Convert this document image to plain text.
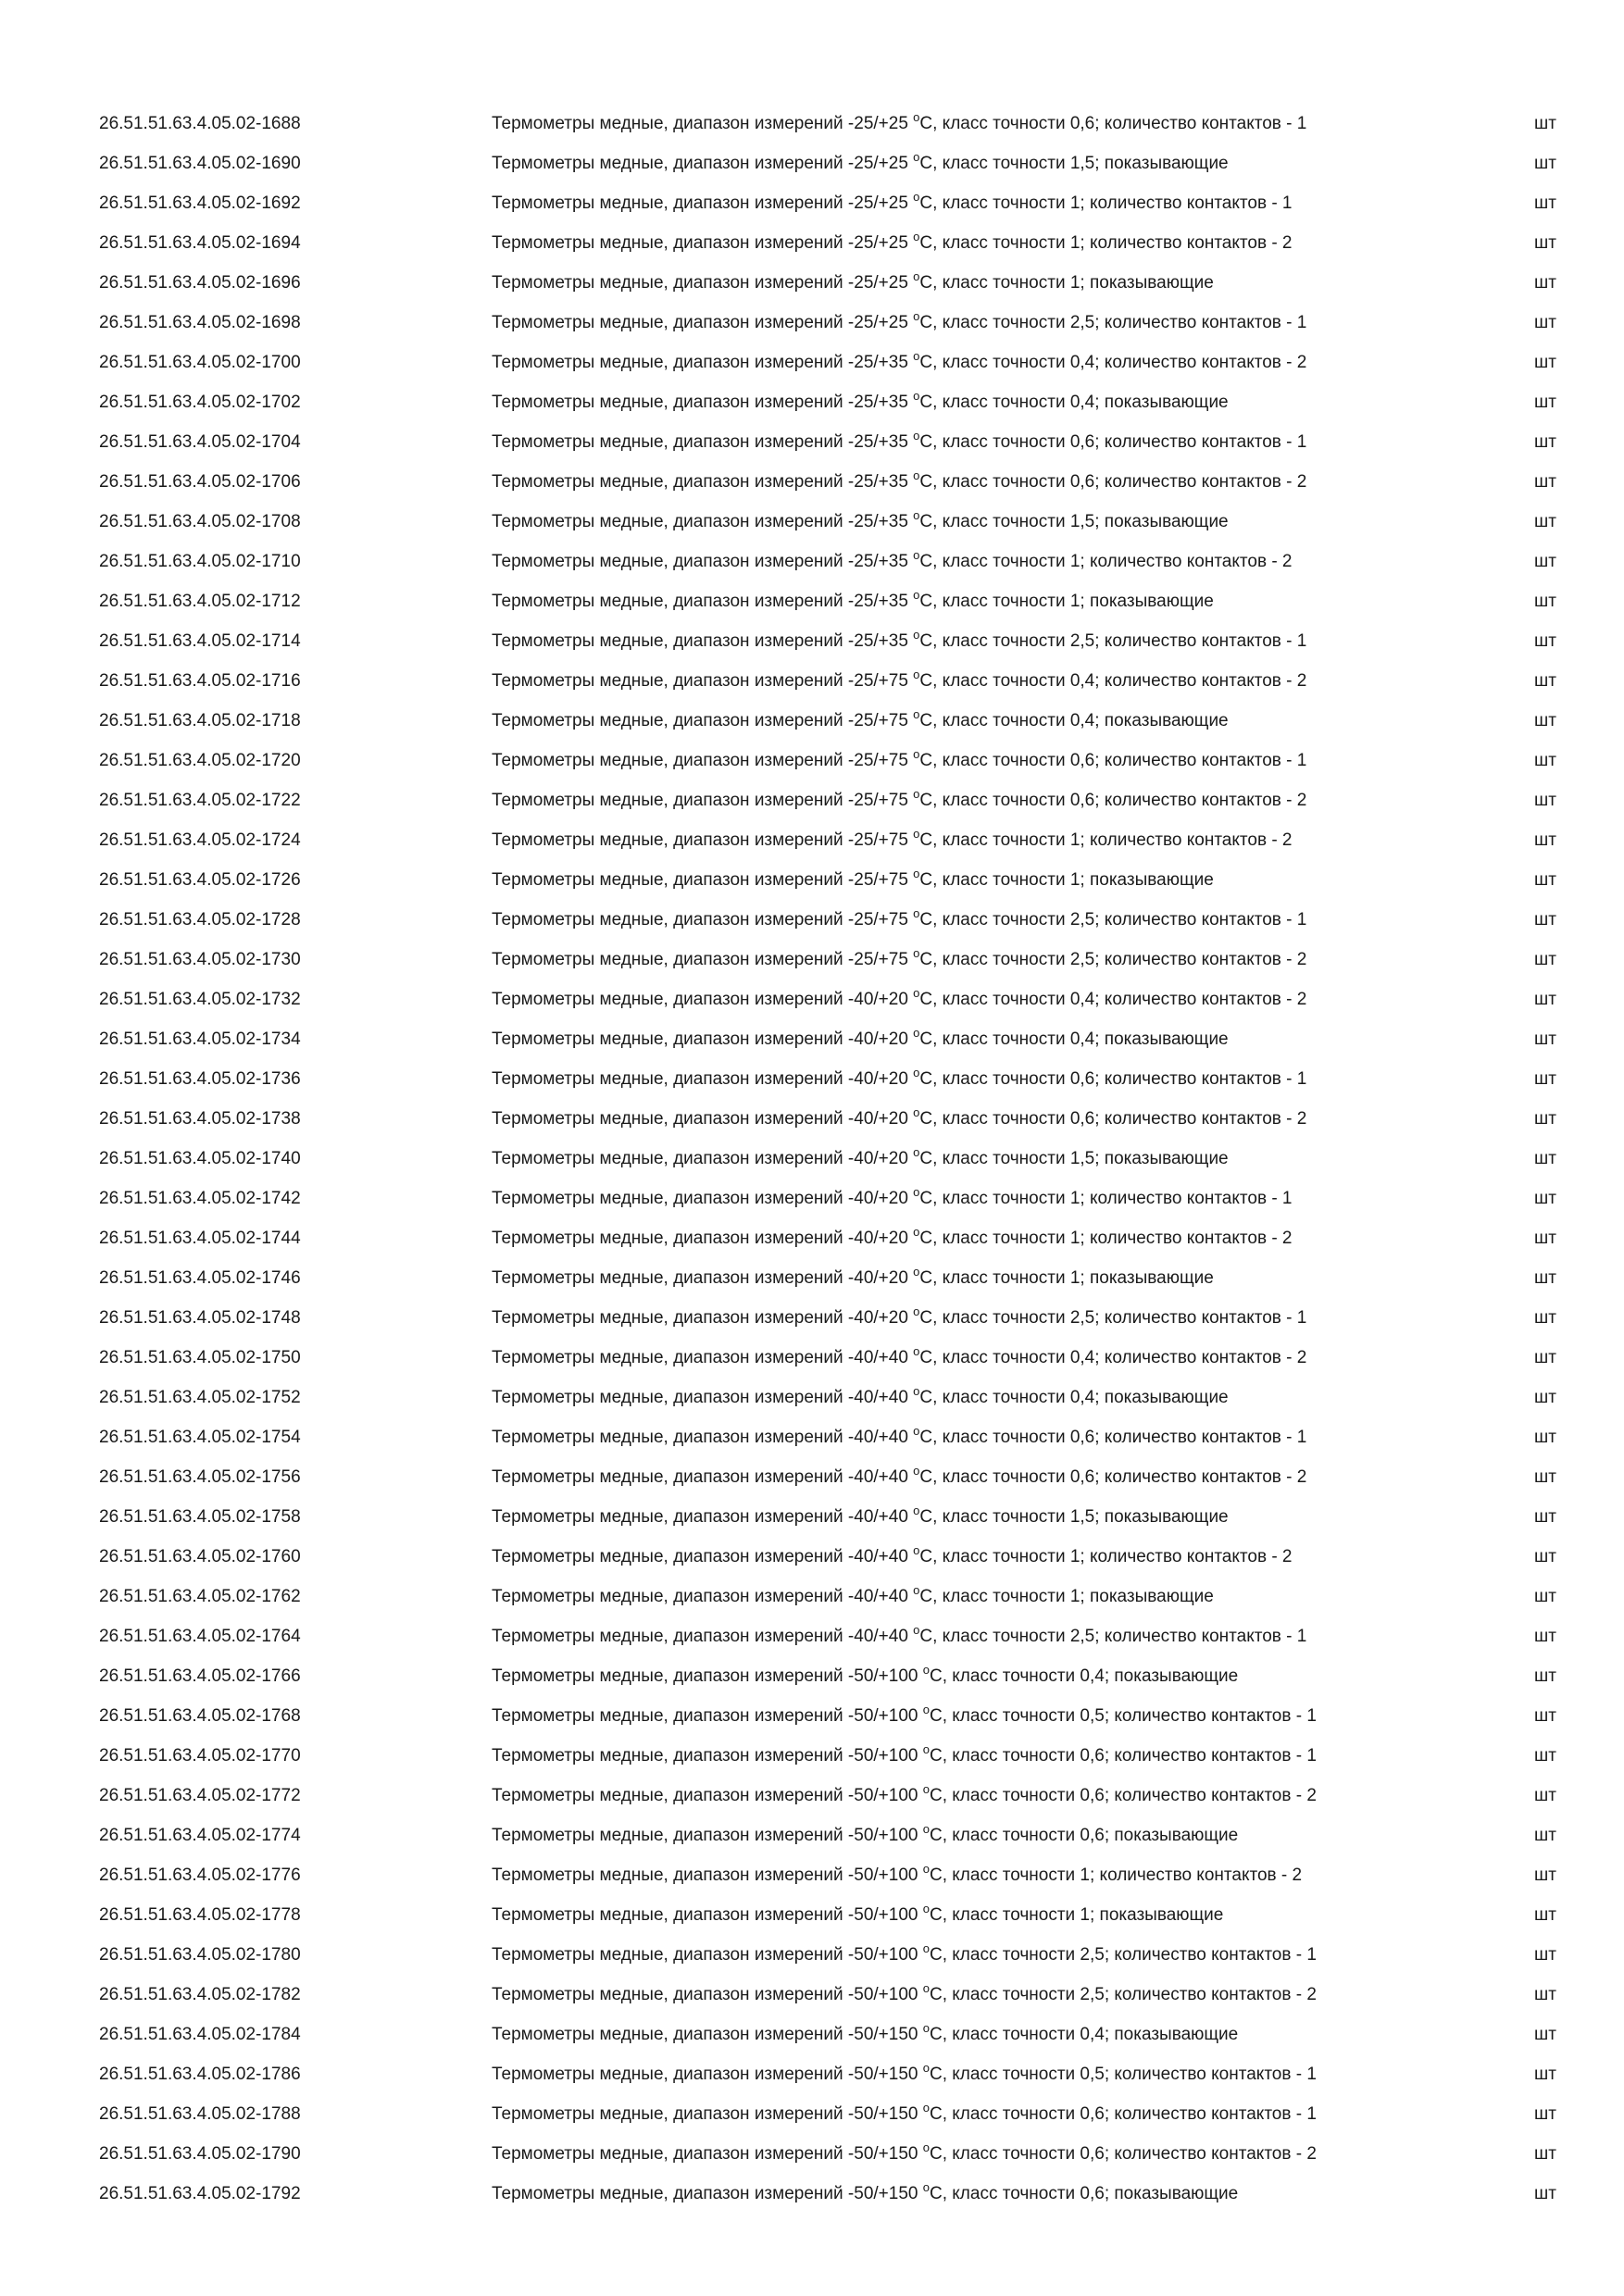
26.51.51.63.4.05.02-1688	Термометры медные, диапазон измерений -25/+25 $^о$С, класс точности 0,6; количество контактов - 1	шт
26.51.51.63.4.05.02-1690	Термометры медные, диапазон измерений -25/+25 $^о$С, класс точности 1,5; показывающие	шт
26.51.51.63.4.05.02-1692	Термометры медные, диапазон измерений -25/+25 $^о$С, класс точности 1; количество контактов - 1	шт
26.51.51.63.4.05.02-1694	Термометры медные, диапазон измерений -25/+25 $^о$С, класс точности 1; количество контактов - 2	шт
26.51.51.63.4.05.02-1696	Термометры медные, диапазон измерений -25/+25 $^о$С, класс точности 1; показывающие	шт
26.51.51.63.4.05.02-1698	Термометры медные, диапазон измерений -25/+25 $^о$С, класс точности 2,5; количество контактов - 1	шт
26.51.51.63.4.05.02-1700	Термометры медные, диапазон измерений -25/+35 $^о$С, класс точности 0,4; количество контактов - 2	шт
26.51.51.63.4.05.02-1702	Термометры медные, диапазон измерений -25/+35 $^о$С, класс точности 0,4; показывающие	шт
26.51.51.63.4.05.02-1704	Термометры медные, диапазон измерений -25/+35 $^о$С, класс точности 0,6; количество контактов - 1	шт
26.51.51.63.4.05.02-1706	Термометры медные, диапазон измерений -25/+35 $^о$С, класс точности 0,6; количество контактов - 2	шт
26.51.51.63.4.05.02-1708	Термометры медные, диапазон измерений -25/+35 $^о$С, класс точности 1,5; показывающие	шт
26.51.51.63.4.05.02-1710	Термометры медные, диапазон измерений -25/+35 $^о$С, класс точности 1; количество контактов - 2	шт
26.51.51.63.4.05.02-1712	Термометры медные, диапазон измерений -25/+35 $^о$С, класс точности 1; показывающие	шт
26.51.51.63.4.05.02-1714	Термометры медные, диапазон измерений -25/+35 $^о$С, класс точности 2,5; количество контактов - 1	шт
26.51.51.63.4.05.02-1716	Термометры медные, диапазон измерений -25/+75 $^о$С, класс точности 0,4; количество контактов - 2	шт
26.51.51.63.4.05.02-1718	Термометры медные, диапазон измерений -25/+75 $^о$С, класс точности 0,4; показывающие	шт
26.51.51.63.4.05.02-1720	Термометры медные, диапазон измерений -25/+75 $^о$С, класс точности 0,6; количество контактов - 1	шт
26.51.51.63.4.05.02-1722	Термометры медные, диапазон измерений -25/+75 $^о$С, класс точности 0,6; количество контактов - 2	шт
26.51.51.63.4.05.02-1724	Термометры медные, диапазон измерений -25/+75 $^о$С, класс точности 1; количество контактов - 2	шт
26.51.51.63.4.05.02-1726	Термометры медные, диапазон измерений -25/+75 $^о$С, класс точности 1; показывающие	шт
26.51.51.63.4.05.02-1728	Термометры медные, диапазон измерений -25/+75 $^о$С, класс точности 2,5; количество контактов - 1	шт
26.51.51.63.4.05.02-1730	Термометры медные, диапазон измерений -25/+75 $^о$С, класс точности 2,5; количество контактов - 2	шт
26.51.51.63.4.05.02-1732	Термометры медные, диапазон измерений -40/+20 $^о$С, класс точности 0,4; количество контактов - 2	шт
26.51.51.63.4.05.02-1734	Термометры медные, диапазон измерений -40/+20 $^о$С, класс точности 0,4; показывающие	шт
26.51.51.63.4.05.02-1736	Термометры медные, диапазон измерений -40/+20 $^о$С, класс точности 0,6; количество контактов - 1	шт
26.51.51.63.4.05.02-1738	Термометры медные, диапазон измерений -40/+20 $^о$С, класс точности 0,6; количество контактов - 2	шт
26.51.51.63.4.05.02-1740	Термометры медные, диапазон измерений -40/+20 $^о$С, класс точности 1,5; показывающие	шт
26.51.51.63.4.05.02-1742	Термометры медные, диапазон измерений -40/+20 $^о$С, класс точности 1; количество контактов - 1	шт
26.51.51.63.4.05.02-1744	Термометры медные, диапазон измерений -40/+20 $^о$С, класс точности 1; количество контактов - 2	шт
26.51.51.63.4.05.02-1746	Термометры медные, диапазон измерений -40/+20 $^о$С, класс точности 1; показывающие	шт
26.51.51.63.4.05.02-1748	Термометры медные, диапазон измерений -40/+20 $^о$С, класс точности 2,5; количество контактов - 1	шт
26.51.51.63.4.05.02-1750	Термометры медные, диапазон измерений -40/+40 $^о$С, класс точности 0,4; количество контактов - 2	шт
26.51.51.63.4.05.02-1752	Термометры медные, диапазон измерений -40/+40 $^о$С, класс точности 0,4; показывающие	шт
26.51.51.63.4.05.02-1754	Термометры медные, диапазон измерений -40/+40 $^о$С, класс точности 0,6; количество контактов - 1	шт
26.51.51.63.4.05.02-1756	Термометры медные, диапазон измерений -40/+40 $^о$С, класс точности 0,6; количество контактов - 2	шт
26.51.51.63.4.05.02-1758	Термометры медные, диапазон измерений -40/+40 $^о$С, класс точности 1,5; показывающие	шт
26.51.51.63.4.05.02-1760	Термометры медные, диапазон измерений -40/+40 $^о$С, класс точности 1; количество контактов - 2	шт
26.51.51.63.4.05.02-1762	Термометры медные, диапазон измерений -40/+40 $^о$С, класс точности 1; показывающие	шт
26.51.51.63.4.05.02-1764	Термометры медные, диапазон измерений -40/+40 $^о$С, класс точности 2,5; количество контактов - 1	шт
26.51.51.63.4.05.02-1766	Термометры медные, диапазон измерений -50/+100 $^о$С, класс точности 0,4; показывающие	шт
26.51.51.63.4.05.02-1768	Термометры медные, диапазон измерений -50/+100 $^о$С, класс точности 0,5; количество контактов - 1	шт
26.51.51.63.4.05.02-1770	Термометры медные, диапазон измерений -50/+100 $^о$С, класс точности 0,6; количество контактов - 1	шт
26.51.51.63.4.05.02-1772	Термометры медные, диапазон измерений -50/+100 $^о$С, класс точности 0,6; количество контактов - 2	шт
26.51.51.63.4.05.02-1774	Термометры медные, диапазон измерений -50/+100 $^о$С, класс точности 0,6; показывающие	шт
26.51.51.63.4.05.02-1776	Термометры медные, диапазон измерений -50/+100 $^о$С, класс точности 1; количество контактов - 2	шт
26.51.51.63.4.05.02-1778	Термометры медные, диапазон измерений -50/+100 $^о$С, класс точности 1; показывающие	шт
26.51.51.63.4.05.02-1780	Термометры медные, диапазон измерений -50/+100 $^о$С, класс точности 2,5; количество контактов - 1	шт
26.51.51.63.4.05.02-1782	Термометры медные, диапазон измерений -50/+100 $^о$С, класс точности 2,5; количество контактов - 2	шт
26.51.51.63.4.05.02-1784	Термометры медные, диапазон измерений -50/+150 $^о$С, класс точности 0,4; показывающие	шт
26.51.51.63.4.05.02-1786	Термометры медные, диапазон измерений -50/+150 $^о$С, класс точности 0,5; количество контактов - 1	шт
26.51.51.63.4.05.02-1788	Термометры медные, диапазон измерений -50/+150 $^о$С, класс точности 0,6; количество контактов - 1	шт
26.51.51.63.4.05.02-1790	Термометры медные, диапазон измерений -50/+150 $^о$С, класс точности 0,6; количество контактов - 2	шт
26.51.51.63.4.05.02-1792	Термометры медные, диапазон измерений -50/+150 $^о$С, класс точности 0,6; показывающие	шт
